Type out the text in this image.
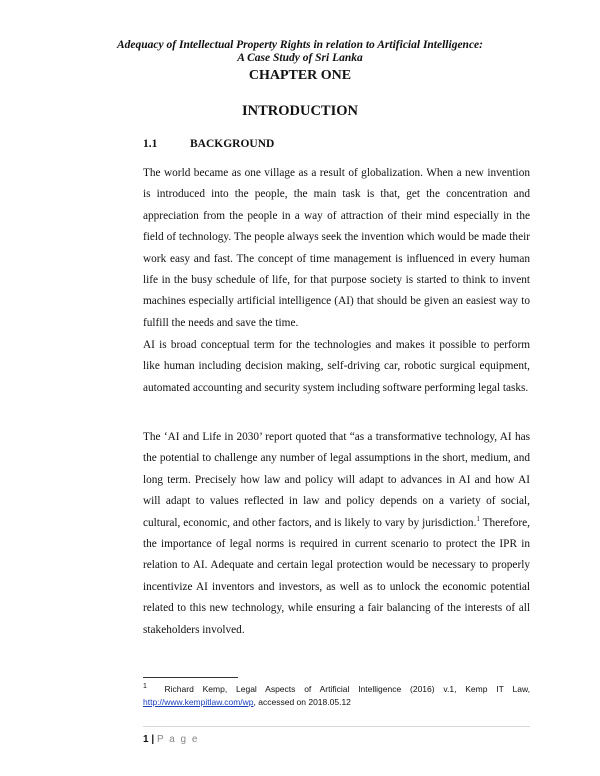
Adequacy of Intellectual Property Rights in relation to Artificial Intelligence:
A Case Study of Sri Lanka
CHAPTER ONE
INTRODUCTION
1.1	BACKGROUND

The world became as one village as a result of globalization. When a new invention is introduced into the people, the main task is that, get the concentration and appreciation from the people in a way of attraction of their mind especially in the field of technology. The people always seek the invention which would be made their work easy and fast. The concept of time management is influenced in every human life in the busy schedule of life, for that purpose society is started to think to invent machines especially artificial intelligence (AI) that should be given an easiest way to fulfill the needs and save the time.

AI is broad conceptual term for the technologies and makes it possible to perform like human including decision making, self-driving car, robotic surgical equipment, automated accounting and security system including software performing legal tasks.

The ‘AI and Life in 2030’ report quoted that “as a transformative technology, AI has the potential to challenge any number of legal assumptions in the short, medium, and long term. Precisely how law and policy will adapt to advances in AI and how AI will adapt to values reflected in law and policy depends on a variety of social, cultural, economic, and other factors, and is likely to vary by jurisdiction.$^1$ Therefore, the importance of legal norms is required in current scenario to protect the IPR in relation to AI. Adequate and certain legal protection would be necessary to properly incentivize AI inventors and investors, as well as to unlock the economic potential related to this new technology, while ensuring a fair balancing of the interests of all stakeholders involved.

$^1$ Richard Kemp, Legal Aspects of Artificial Intelligence (2016) v.1, Kemp IT Law, http://www.kempitlaw.com/wp, accessed on 2018.05.12
1 | P a g e
